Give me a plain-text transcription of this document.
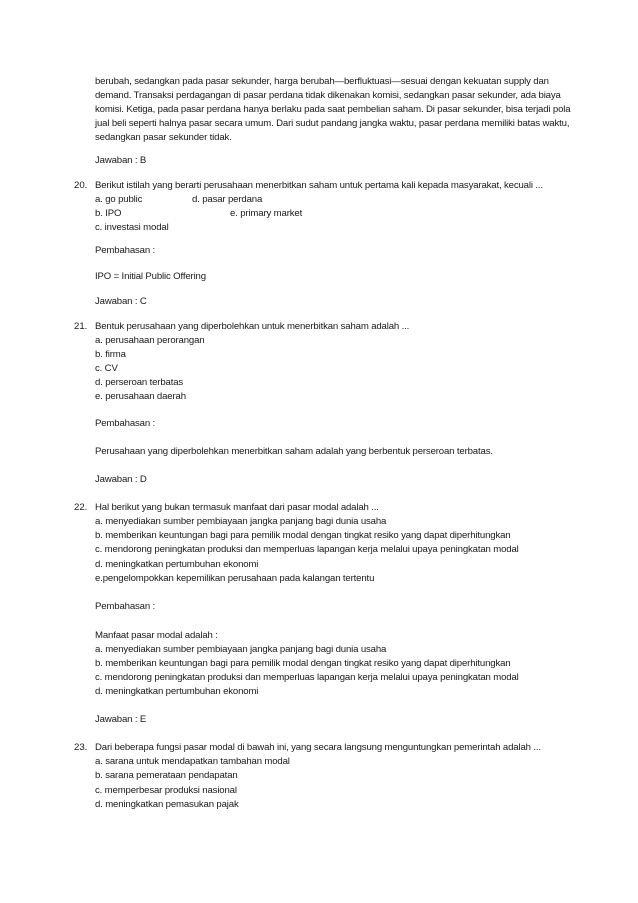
berubah, sedangkan pada pasar sekunder, harga berubah—berfluktuasi—sesuai dengan kekuatan supply dan
demand. Transaksi perdagangan di pasar perdana tidak dikenakan komisi, sedangkan pasar sekunder, ada biaya
komisi. Ketiga, pada pasar perdana hanya berlaku pada saat pembelian saham. Di pasar sekunder, bisa terjadi pola
jual beli seperti halnya pasar secara umum. Dari sudut pandang jangka waktu, pasar perdana memiliki batas waktu,
sedangkan pasar sekunder tidak.
Jawaban : B
20. Berikut istilah yang berarti perusahaan menerbitkan saham untuk pertama kali kepada masyarakat, kecuali ...
a. go public	d. pasar perdana
b. IPO	e. primary market
c. investasi modal
Pembahasan :
IPO = Initial Public Offering
Jawaban : C
21. Bentuk perusahaan yang diperbolehkan untuk menerbitkan saham adalah ...
a. perusahaan perorangan
b. firma
c. CV
d. perseroan terbatas
e. perusahaan daerah
Pembahasan :
Perusahaan yang diperbolehkan menerbitkan saham adalah yang berbentuk perseroan terbatas.
Jawaban : D
22. Hal berikut yang bukan termasuk manfaat dari pasar modal adalah ...
a. menyediakan sumber pembiayaan jangka panjang bagi dunia usaha
b. memberikan keuntungan bagi para pemilik modal dengan tingkat resiko yang dapat diperhitungkan
c. mendorong peningkatan produksi dan memperluas lapangan kerja melalui upaya peningkatan modal
d. meningkatkan pertumbuhan ekonomi
e.pengelompokkan kepemilikan perusahaan pada kalangan tertentu
Pembahasan :
Manfaat pasar modal adalah :
a. menyediakan sumber pembiayaan jangka panjang bagi dunia usaha
b. memberikan keuntungan bagi para pemilik modal dengan tingkat resiko yang dapat diperhitungkan
c. mendorong peningkatan produksi dan memperluas lapangan kerja melalui upaya peningkatan modal
d. meningkatkan pertumbuhan ekonomi
Jawaban : E
23. Dari beberapa fungsi pasar modal di bawah ini, yang secara langsung menguntungkan pemerintah adalah ...
a. sarana untuk mendapatkan tambahan modal
b. sarana pemerataan pendapatan
c. memperbesar produksi nasional
d. meningkatkan pemasukan pajak
